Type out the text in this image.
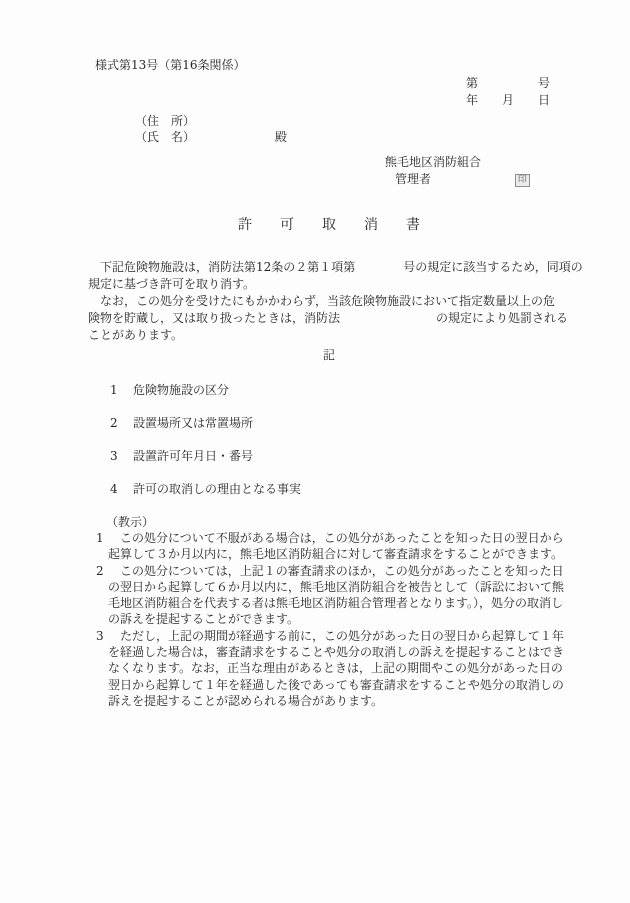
様式第13号（第16条関係）
第　　　　　号
年　　月　　日
（住　所）
（氏　名）	殿
熊毛地区消防組合
管理者	印
許　　可　　取　　消　　書
　下記危険物施設は，消防法第12条の２第１項第　　　　号の規定に該当するため，同項の
規定に基づき許可を取り消す。
　なお，この処分を受けたにもかかわらず，当該危険物施設において指定数量以上の危
険物を貯蔵し，又は取り扱ったときは，消防法　　　　　　　　の規定により処罰される
ことがあります。
記
1	危険物施設の区分
2	設置場所又は常置場所
3	設置許可年月日・番号
4	許可の取消しの理由となる事実
（教示）
1 この処分について不服がある場合は，この処分があったことを知った日の翌日から
起算して３か月以内に，熊毛地区消防組合に対して審査請求をすることができます。
2 この処分については，上記１の審査請求のほか，この処分があったことを知った日
の翌日から起算して６か月以内に，熊毛地区消防組合を被告として（訴訟において熊
毛地区消防組合を代表する者は熊毛地区消防組合管理者となります。），処分の取消し
の訴えを提起することができます。
3 ただし，上記の期間が経過する前に，この処分があった日の翌日から起算して１年
を経過した場合は，審査請求をすることや処分の取消しの訴えを提起することはでき
なくなります。なお，正当な理由があるときは，上記の期間やこの処分があった日の
翌日から起算して１年を経過した後であっても審査請求をすることや処分の取消しの
訴えを提起することが認められる場合があります。
